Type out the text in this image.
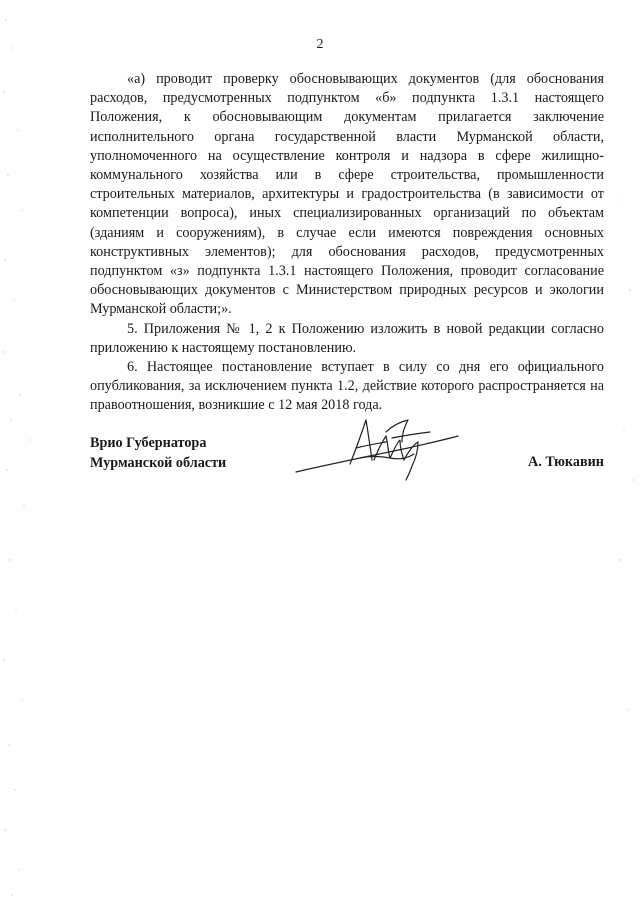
2

«а) проводит проверку обосновывающих документов (для обоснования расходов, предусмотренных подпунктом «б» подпункта 1.3.1 настоящего Положения, к обосновывающим документам прилагается заключение исполнительного органа государственной власти Мурманской области, уполномоченного на осуществление контроля и надзора в сфере жилищно-коммунального хозяйства или в сфере строительства, промышленности строительных материалов, архитектуры и градостроительства (в зависимости от компетенции вопроса), иных специализированных организаций по объектам (зданиям и сооружениям), в случае если имеются повреждения основных конструктивных элементов); для обоснования расходов, предусмотренных подпунктом «з» подпункта 1.3.1 настоящего Положения, проводит согласование обосновывающих документов с Министерством природных ресурсов и экологии Мурманской области;».

5. Приложения № 1, 2 к Положению изложить в новой редакции согласно приложению к настоящему постановлению.

6. Настоящее постановление вступает в силу со дня его официального опубликования, за исключением пункта 1.2, действие которого распространяется на правоотношения, возникшие с 12 мая 2018 года.

Врио Губернатора
Мурманской области	А. Тюкавин
